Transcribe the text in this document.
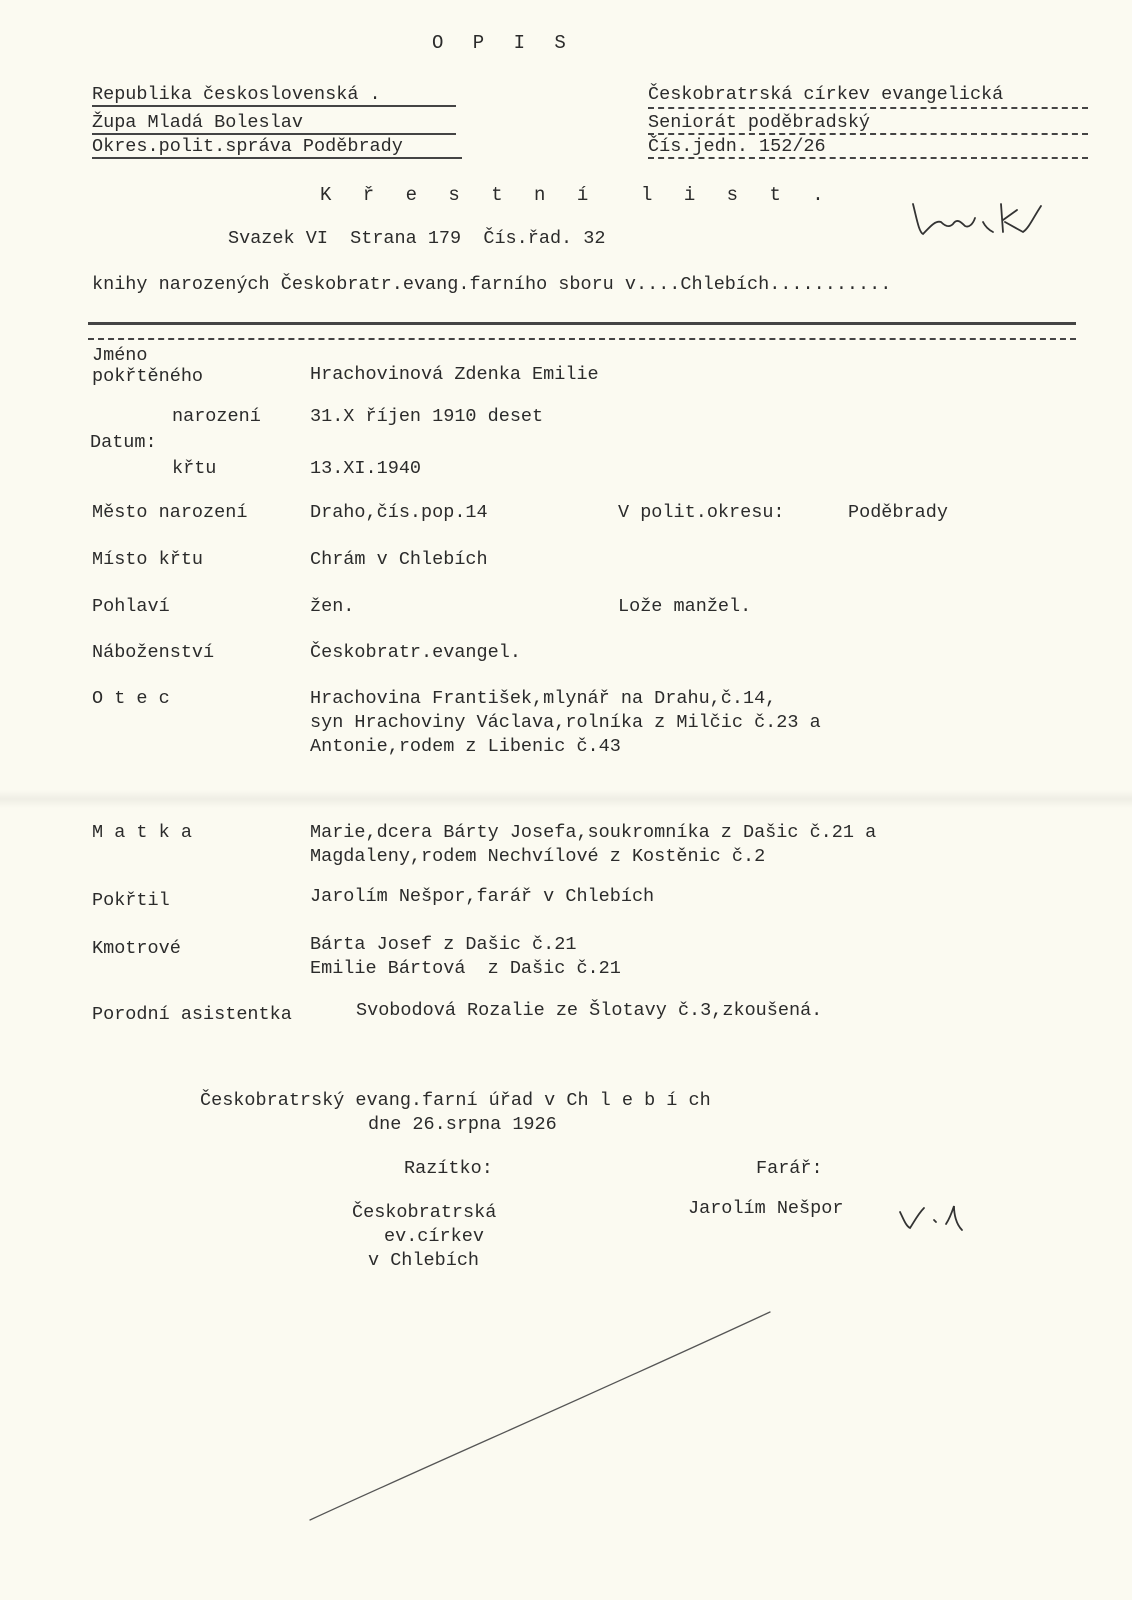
O P I S
Republika československá .
Župa Mladá Boleslav
Okres.polit.správa Poděbrady
Českobratrská církev evangelická
Seniorát poděbradský
Čís.jedn. 152/26
K ř e s t n í  l i s t .
Svazek VI  Strana 179  Čís.řad. 32
knihy narozených Českobratr.evang.farního sboru v....Chlebích...........
Jméno
pokřtěného	Hrachovinová Zdenka Emilie
narození	31.X říjen 1910 deset
Datum:
křtu	13.XI.1940
Město narození	Draho,čís.pop.14	V polit.okresu:	Poděbrady
Místo křtu	Chrám v Chlebích
Pohlaví	žen.	Lože manžel.
Náboženství	Českobratr.evangel.
O t e c	Hrachovina František,mlynář na Drahu,č.14,
syn Hrachoviny Václava,rolníka z Milčic č.23 a
Antonie,rodem z Libenic č.43
M a t k a	Marie,dcera Bárty Josefa,soukromníka z Dašic č.21 a
Magdaleny,rodem Nechvílové z Kostěnic č.2
Pokřtil	Jarolím Nešpor,farář v Chlebích
Kmotrové	Bárta Josef z Dašic č.21
Emilie Bártová  z Dašic č.21
Porodní asistentka	Svobodová Rozalie ze Šlotavy č.3,zkoušená.
Českobratrský evang.farní úřad v Ch l e b í ch
dne 26.srpna 1926
Razítko:	Farář:
Českobratrská
ev.církev
v Chlebích
Jarolím Nešpor
